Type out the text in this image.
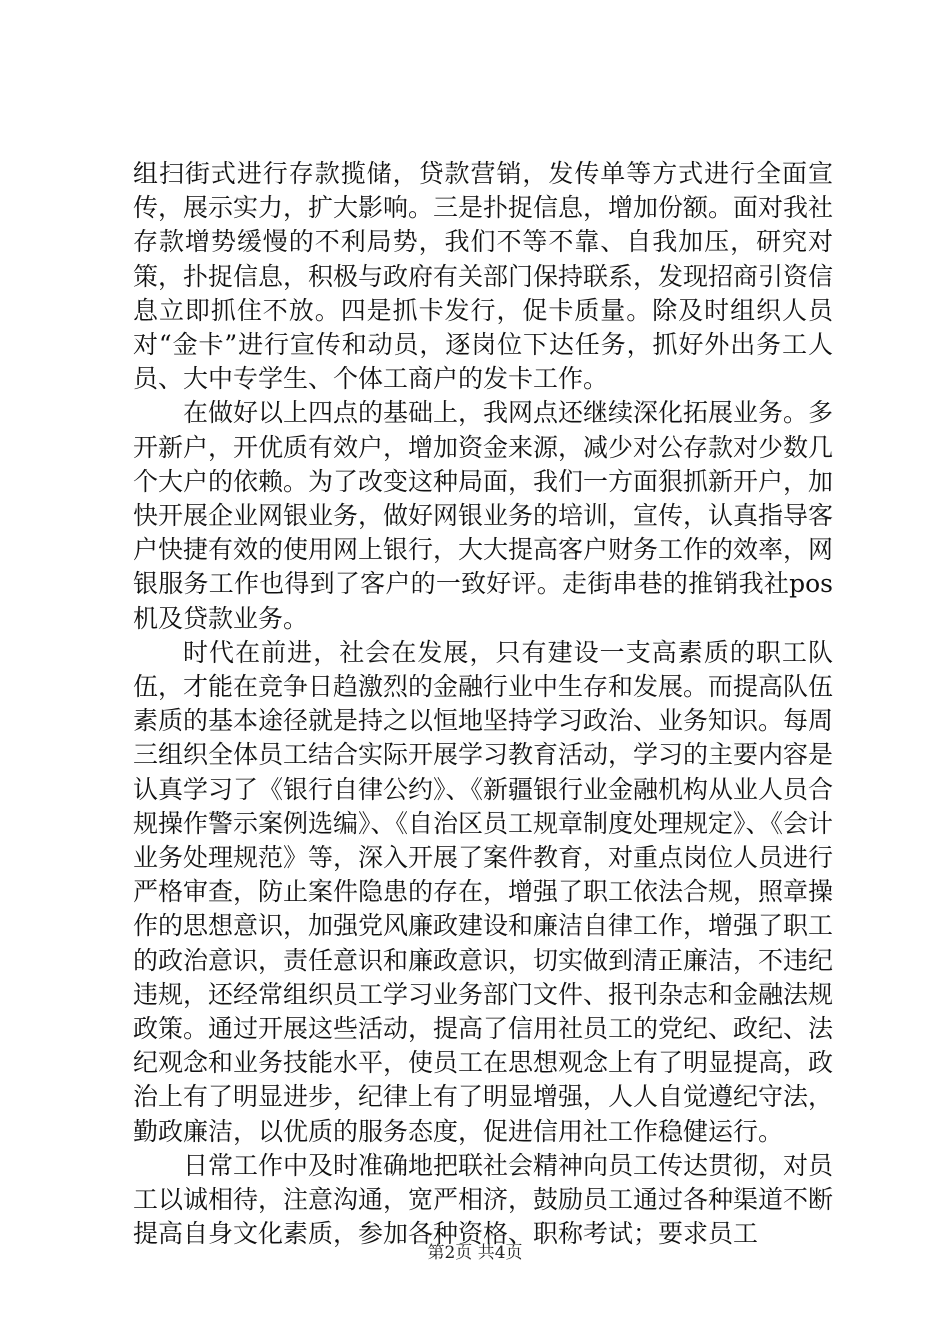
组扫街式进行存款揽储，贷款营销，发传单等方式进行全面宣传，展示实力，扩大影响。三是扑捉信息，增加份额。面对我社存款增势缓慢的不利局势，我们不等不靠、自我加压，研究对策，扑捉信息，积极与政府有关部门保持联系，发现招商引资信息立即抓住不放。四是抓卡发行，促卡质量。除及时组织人员对“金卡”进行宣传和动员，逐岗位下达任务，抓好外出务工人员、大中专学生、个体工商户的发卡工作。

在做好以上四点的基础上，我网点还继续深化拓展业务。多开新户，开优质有效户，增加资金来源，减少对公存款对少数几个大户的依赖。为了改变这种局面，我们一方面狠抓新开户，加快开展企业网银业务，做好网银业务的培训，宣传，认真指导客户快捷有效的使用网上银行，大大提高客户财务工作的效率，网银服务工作也得到了客户的一致好评。走街串巷的推销我社pos机及贷款业务。

时代在前进，社会在发展，只有建设一支高素质的职工队伍，才能在竞争日趋激烈的金融行业中生存和发展。而提高队伍素质的基本途径就是持之以恒地坚持学习政治、业务知识。每周三组织全体员工结合实际开展学习教育活动，学习的主要内容是认真学习了《银行自律公约》、《新疆银行业金融机构从业人员合规操作警示案例选编》、《自治区员工规章制度处理规定》、《会计业务处理规范》等，深入开展了案件教育，对重点岗位人员进行严格审查，防止案件隐患的存在，增强了职工依法合规，照章操作的思想意识，加强党风廉政建设和廉洁自律工作，增强了职工的政治意识，责任意识和廉政意识，切实做到清正廉洁，不违纪违规，还经常组织员工学习业务部门文件、报刊杂志和金融法规政策。通过开展这些活动，提高了信用社员工的党纪、政纪、法纪观念和业务技能水平，使员工在思想观念上有了明显提高，政治上有了明显进步，纪律上有了明显增强，人人自觉遵纪守法，勤政廉洁，以优质的服务态度，促进信用社工作稳健运行。

日常工作中及时准确地把联社会精神向员工传达贯彻，对员工以诚相待，注意沟通，宽严相济，鼓励员工通过各种渠道不断提高自身文化素质，参加各种资格、职称考试；要求员工

第2页 共4页
